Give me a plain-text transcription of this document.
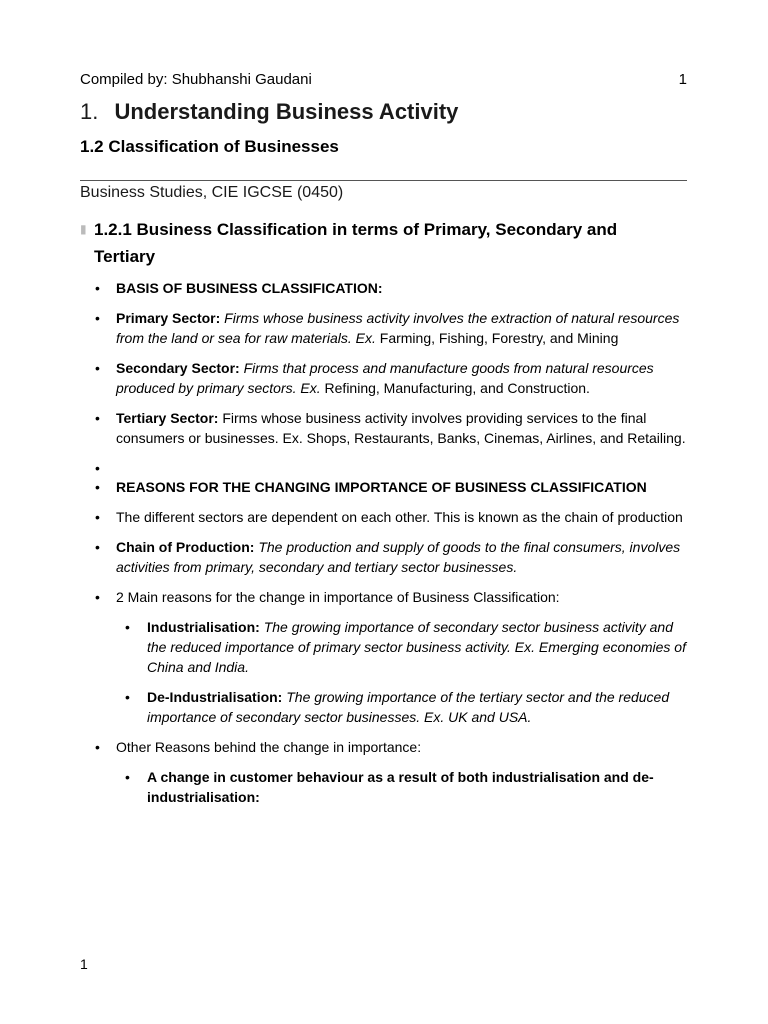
Compiled by: Shubhanshi Gaudani	1
1. Understanding Business Activity
1.2 Classification of Businesses
Business Studies, CIE IGCSE (0450)
▮ 1.2.1 Business Classification in terms of Primary, Secondary and Tertiary
• BASIS OF BUSINESS CLASSIFICATION:
• Primary Sector: Firms whose business activity involves the extraction of natural resources from the land or sea for raw materials. Ex. Farming, Fishing, Forestry, and Mining
• Secondary Sector: Firms that process and manufacture goods from natural resources produced by primary sectors. Ex. Refining, Manufacturing, and Construction.
• Tertiary Sector: Firms whose business activity involves providing services to the final consumers or businesses. Ex. Shops, Restaurants, Banks, Cinemas, Airlines, and Retailing.
•
• REASONS FOR THE CHANGING IMPORTANCE OF BUSINESS CLASSIFICATION
• The different sectors are dependent on each other. This is known as the chain of production
• Chain of Production: The production and supply of goods to the final consumers, involves activities from primary, secondary and tertiary sector businesses.
• 2 Main reasons for the change in importance of Business Classification:
• Industrialisation: The growing importance of secondary sector business activity and the reduced importance of primary sector business activity. Ex. Emerging economies of China and India.
• De-Industrialisation: The growing importance of the tertiary sector and the reduced importance of secondary sector businesses. Ex. UK and USA.
• Other Reasons behind the change in importance:
• A change in customer behaviour as a result of both industrialisation and de-industrialisation:
1
